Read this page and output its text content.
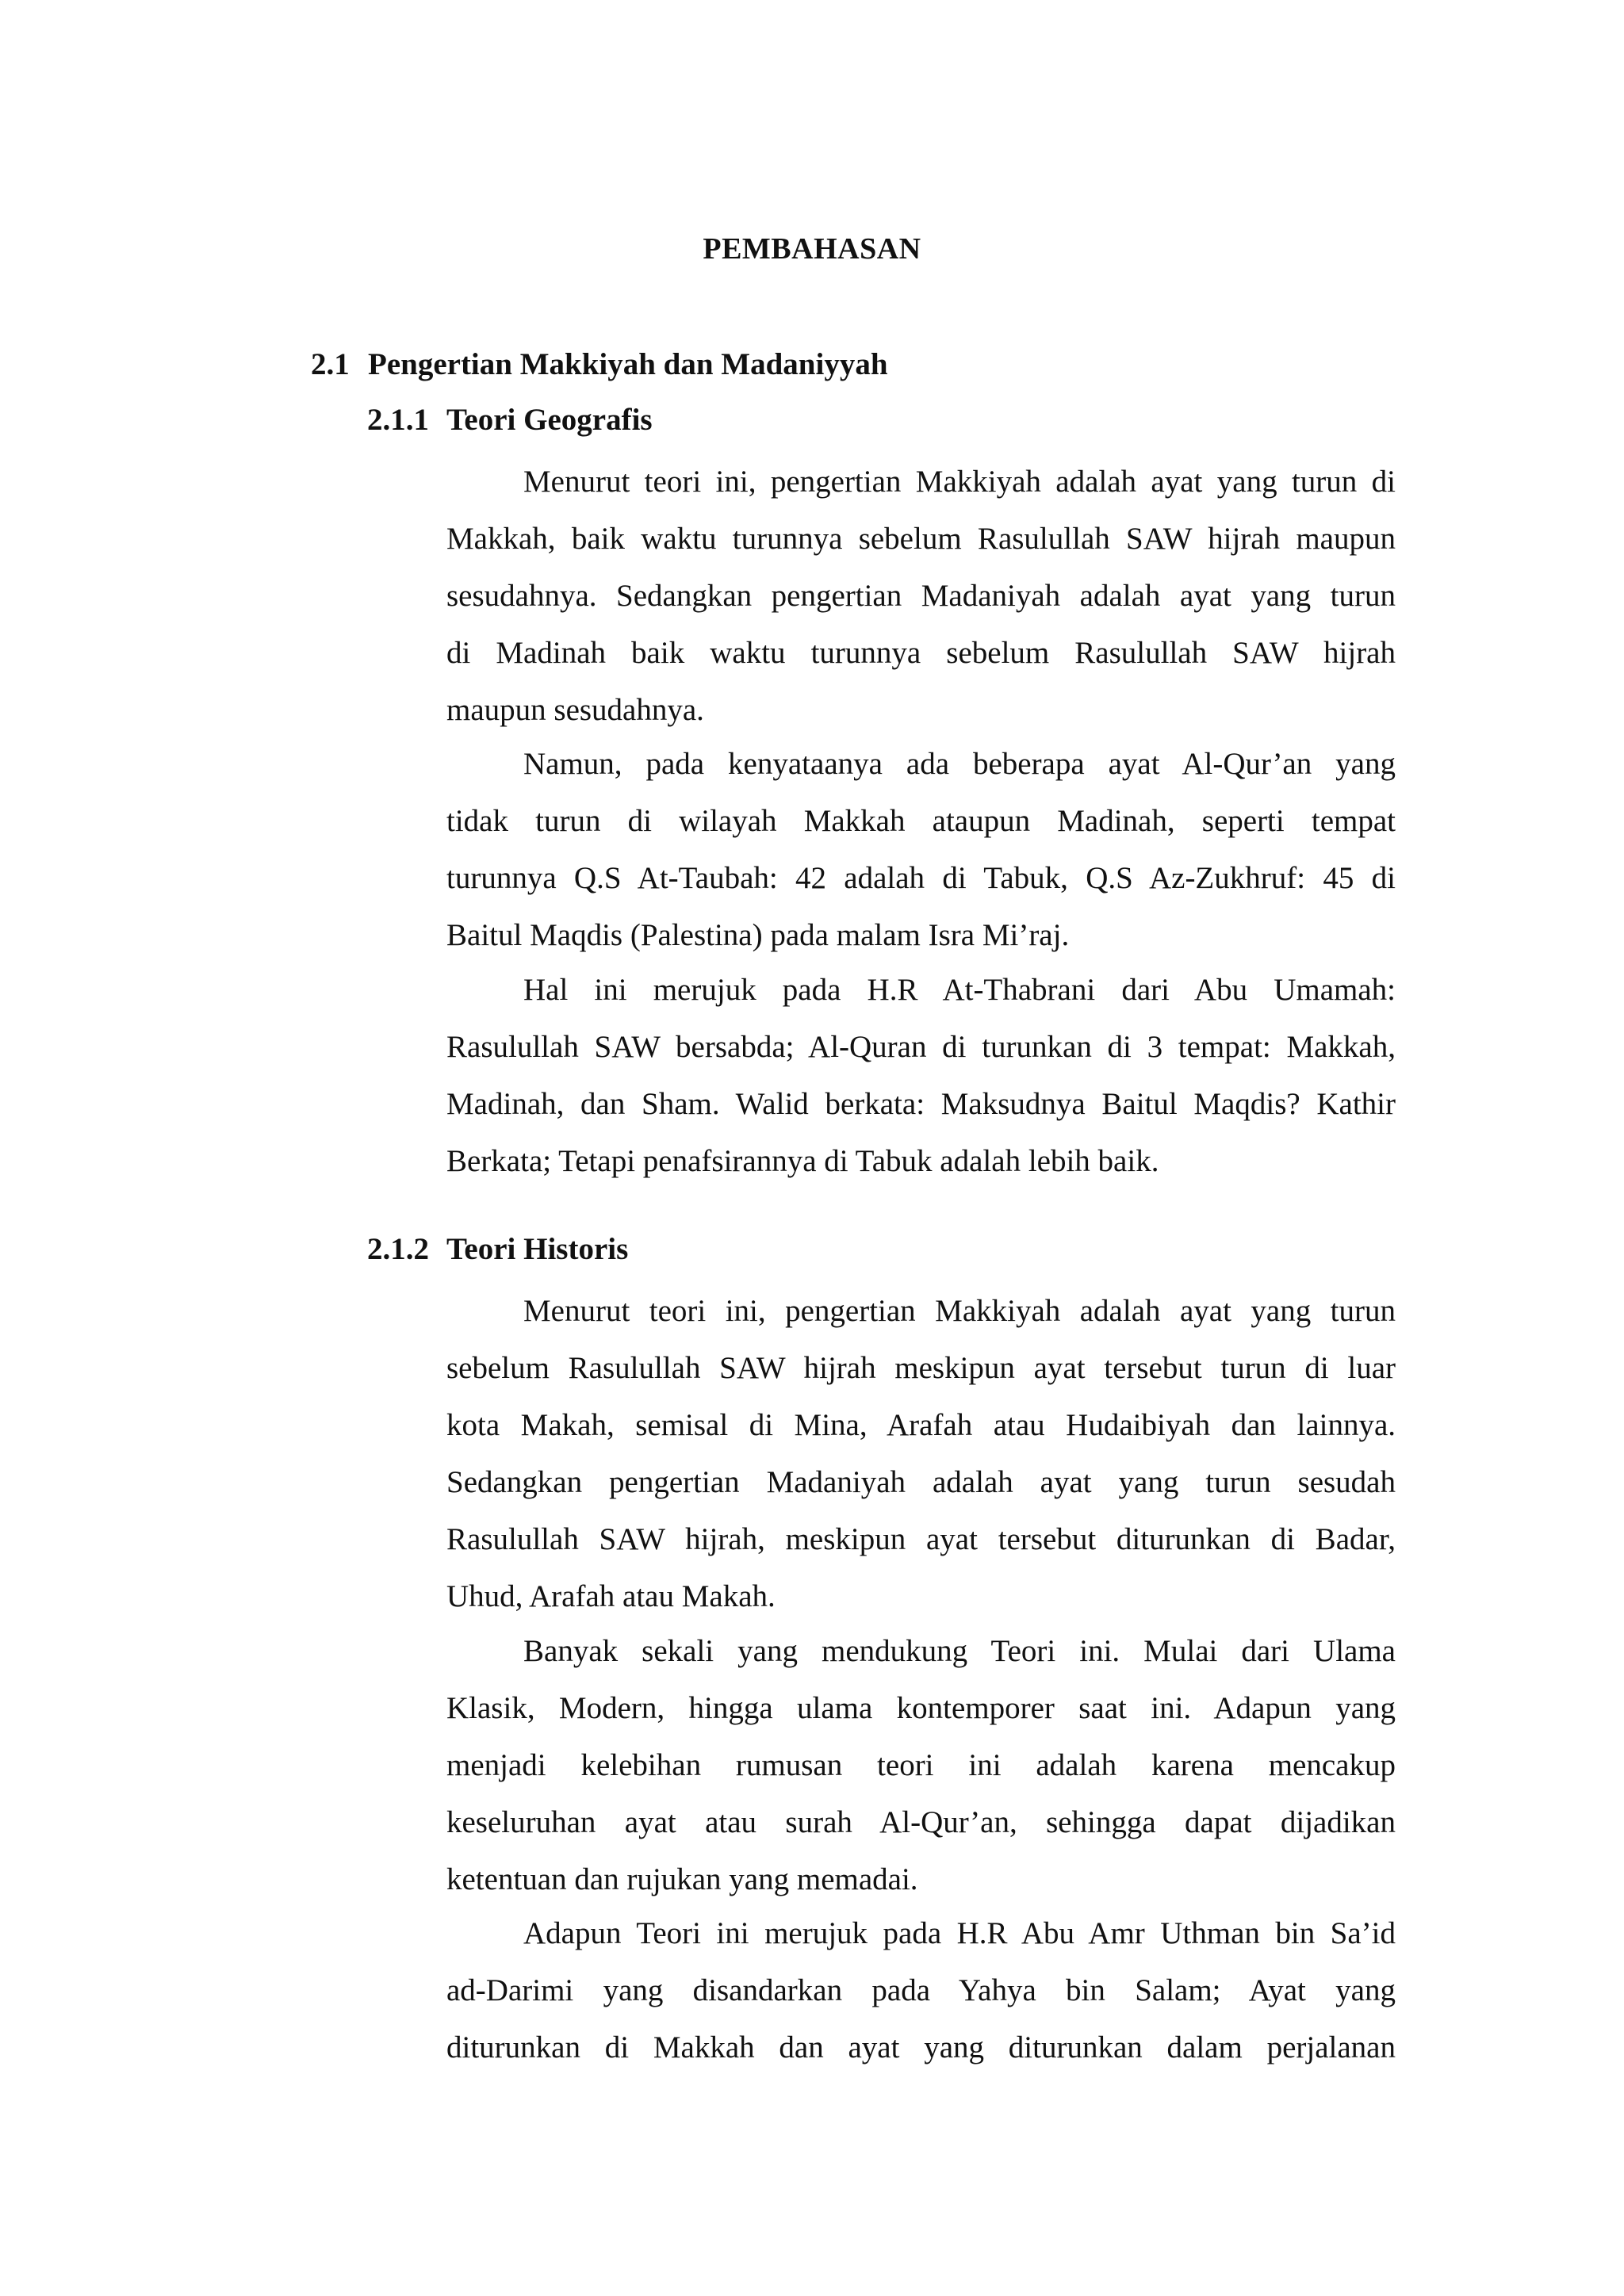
PEMBAHASAN
2.1 Pengertian Makkiyah dan Madaniyyah
2.1.1 Teori Geografis
Menurut teori ini, pengertian Makkiyah adalah ayat yang turun di
Makkah, baik waktu turunnya sebelum Rasulullah SAW hijrah maupun
sesudahnya. Sedangkan pengertian Madaniyah adalah ayat yang turun
di Madinah baik waktu turunnya sebelum Rasulullah SAW hijrah
maupun sesudahnya.
Namun, pada kenyataanya ada beberapa ayat Al-Qur’an yang
tidak turun di wilayah Makkah ataupun Madinah, seperti tempat
turunnya Q.S At-Taubah: 42 adalah di Tabuk, Q.S Az-Zukhruf: 45 di
Baitul Maqdis (Palestina) pada malam Isra Mi’raj.
Hal ini merujuk pada H.R At-Thabrani dari Abu Umamah:
Rasulullah SAW bersabda; Al-Quran di turunkan di 3 tempat: Makkah,
Madinah, dan Sham. Walid berkata: Maksudnya Baitul Maqdis? Kathir
Berkata; Tetapi penafsirannya di Tabuk adalah lebih baik.
2.1.2 Teori Historis
Menurut teori ini, pengertian Makkiyah adalah ayat yang turun
sebelum Rasulullah SAW hijrah meskipun ayat tersebut turun di luar
kota Makah, semisal di Mina, Arafah atau Hudaibiyah dan lainnya.
Sedangkan pengertian Madaniyah adalah ayat yang turun sesudah
Rasulullah SAW hijrah, meskipun ayat tersebut diturunkan di Badar,
Uhud, Arafah atau Makah.
Banyak sekali yang mendukung Teori ini. Mulai dari Ulama
Klasik, Modern, hingga ulama kontemporer saat ini. Adapun yang
menjadi kelebihan rumusan teori ini adalah karena mencakup
keseluruhan ayat atau surah Al-Qur’an, sehingga dapat dijadikan
ketentuan dan rujukan yang memadai.
Adapun Teori ini merujuk pada H.R Abu Amr Uthman bin Sa’id
ad-Darimi yang disandarkan pada Yahya bin Salam; Ayat yang
diturunkan di Makkah dan ayat yang diturunkan dalam perjalanan
